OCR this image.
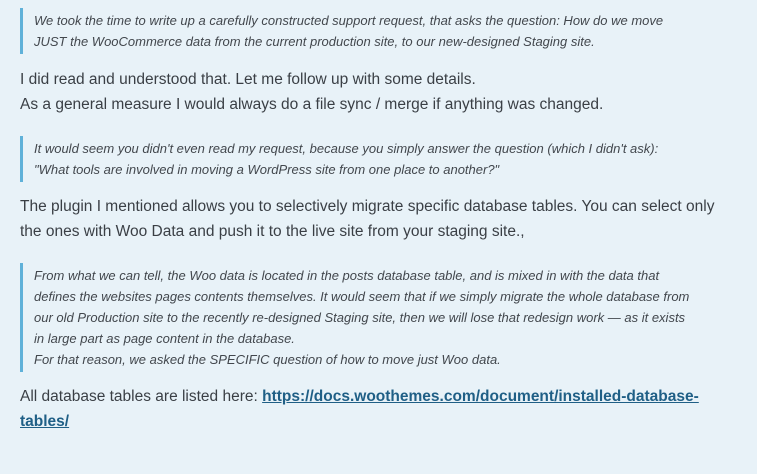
We took the time to write up a carefully constructed support request, that asks the question: How do we move

JUST the WooCommerce data from the current production site, to our new-designed Staging site.

I did read and understood that. Let me follow up with some details.

As a general measure I would always do a file sync / merge if anything was changed.

It would seem you didn't even read my request, because you simply answer the question (which I didn't ask):

"What tools are involved in moving a WordPress site from one place to another?"

The plugin I mentioned allows you to selectively migrate specific database tables. You can select only the ones with Woo Data and push it to the live site from your staging site.,

From what we can tell, the Woo data is located in the posts database table, and is mixed in with the data that

defines the websites pages contents themselves. It would seem that if we simply migrate the whole database from

our old Production site to the recently re-designed Staging site, then we will lose that redesign work — as it exists

in large part as page content in the database.

For that reason, we asked the SPECIFIC question of how to move just Woo data.

All database tables are listed here: https://docs.woothemes.com/document/installed-database-tables/
